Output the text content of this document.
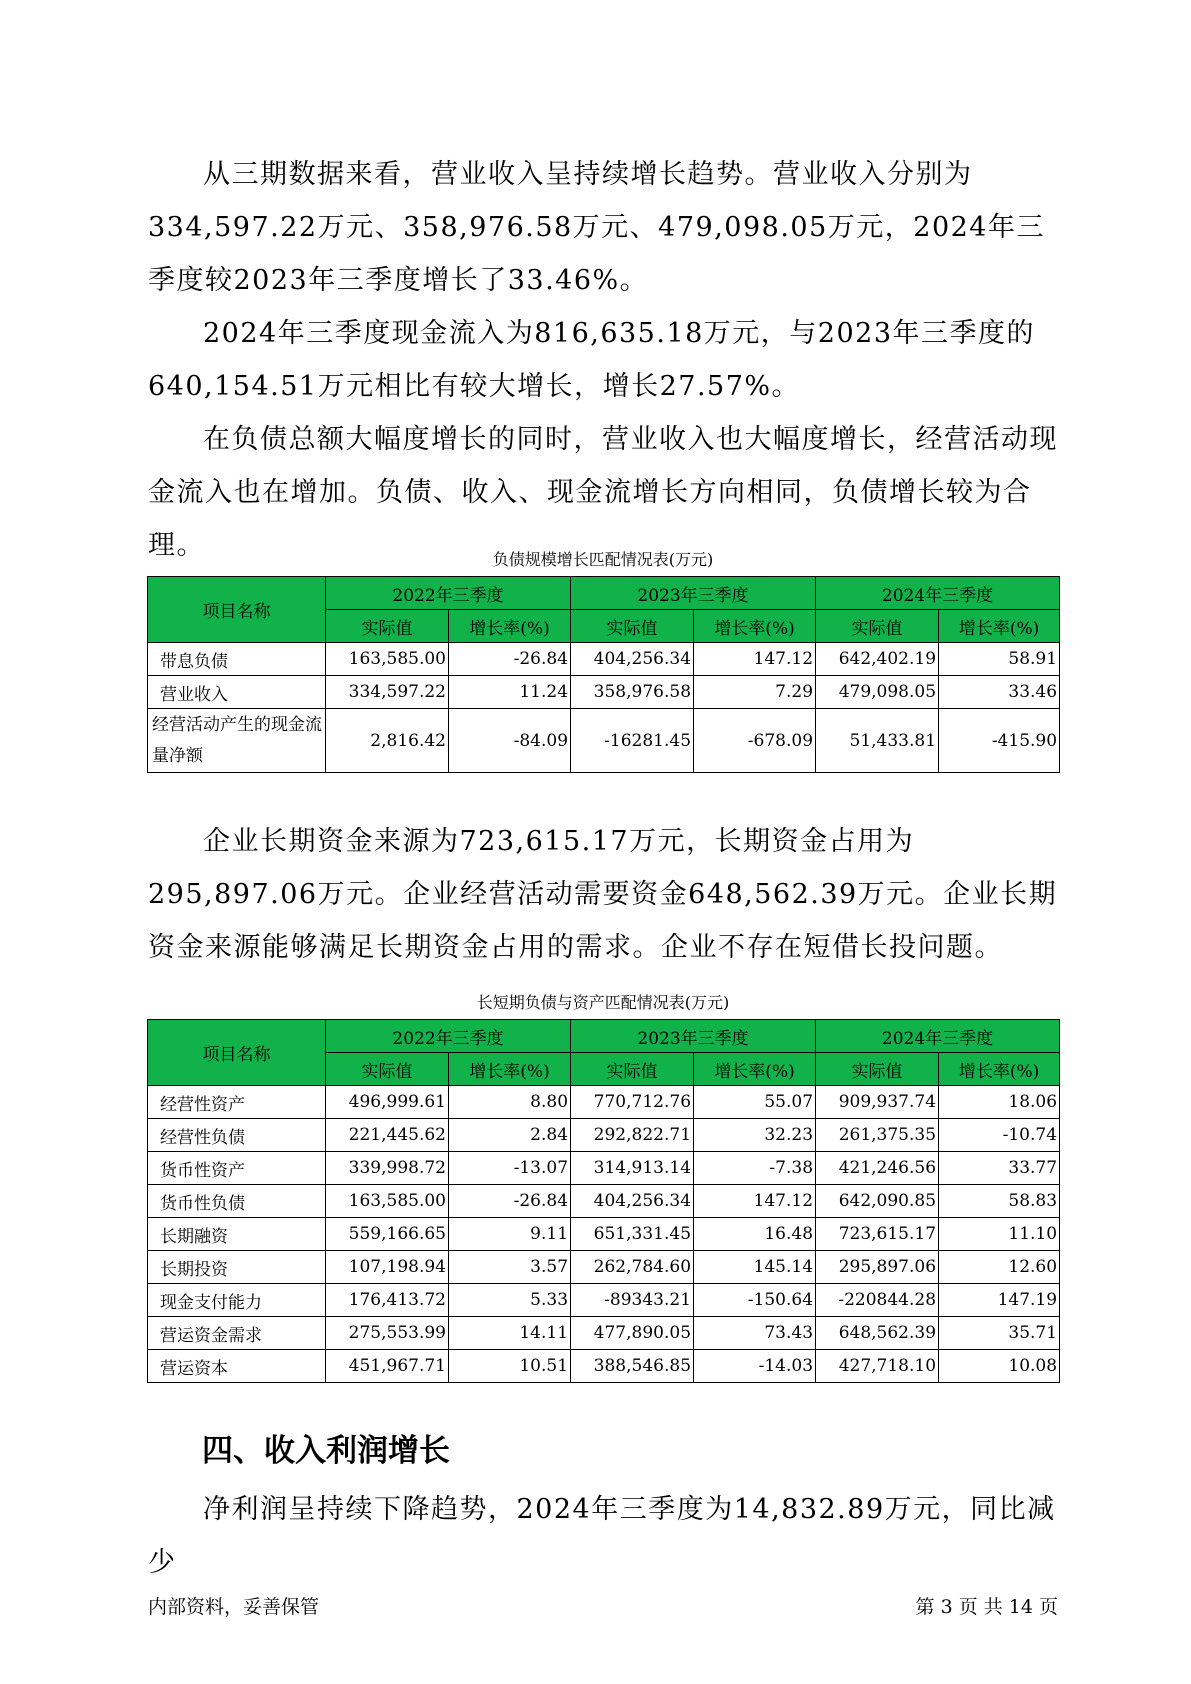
从三期数据来看，营业收入呈持续增长趋势。营业收入分别为334,597.22万元、358,976.58万元、479,098.05万元，2024年三季度较2023年三季度增长了33.46%。

2024年三季度现金流入为816,635.18万元，与2023年三季度的640,154.51万元相比有较大增长，增长27.57%。

在负债总额大幅度增长的同时，营业收入也大幅度增长，经营活动现金流入也在增加。负债、收入、现金流增长方向相同，负债增长较为合理。	负债规模增长匹配情况表(万元)

项目名称	2022年三季度		2023年三季度		2024年三季度	
	实际值	增长率(%)	实际值	增长率(%)	实际值	增长率(%)
带息负债	163,585.00	-26.84	404,256.34	147.12	642,402.19	58.91
营业收入	334,597.22	11.24	358,976.58	7.29	479,098.05	33.46
经营活动产生的现金流量净额	2,816.42	-84.09	-16281.45	-678.09	51,433.81	-415.90

企业长期资金来源为723,615.17万元，长期资金占用为295,897.06万元。企业经营活动需要资金648,562.39万元。企业长期资金来源能够满足长期资金占用的需求。企业不存在短借长投问题。

长短期负债与资产匹配情况表(万元)

项目名称	2022年三季度		2023年三季度		2024年三季度	
	实际值	增长率(%)	实际值	增长率(%)	实际值	增长率(%)
经营性资产	496,999.61	8.80	770,712.76	55.07	909,937.74	18.06
经营性负债	221,445.62	2.84	292,822.71	32.23	261,375.35	-10.74
货币性资产	339,998.72	-13.07	314,913.14	-7.38	421,246.56	33.77
货币性负债	163,585.00	-26.84	404,256.34	147.12	642,090.85	58.83
长期融资	559,166.65	9.11	651,331.45	16.48	723,615.17	11.10
长期投资	107,198.94	3.57	262,784.60	145.14	295,897.06	12.60
现金支付能力	176,413.72	5.33	-89343.21	-150.64	-220844.28	147.19
营运资金需求	275,553.99	14.11	477,890.05	73.43	648,562.39	35.71
营运资本	451,967.71	10.51	388,546.85	-14.03	427,718.10	10.08
四、收入利润增长

净利润呈持续下降趋势，2024年三季度为14,832.89万元，同比减少

内部资料，妥善保管	第 3 页 共 14 页
